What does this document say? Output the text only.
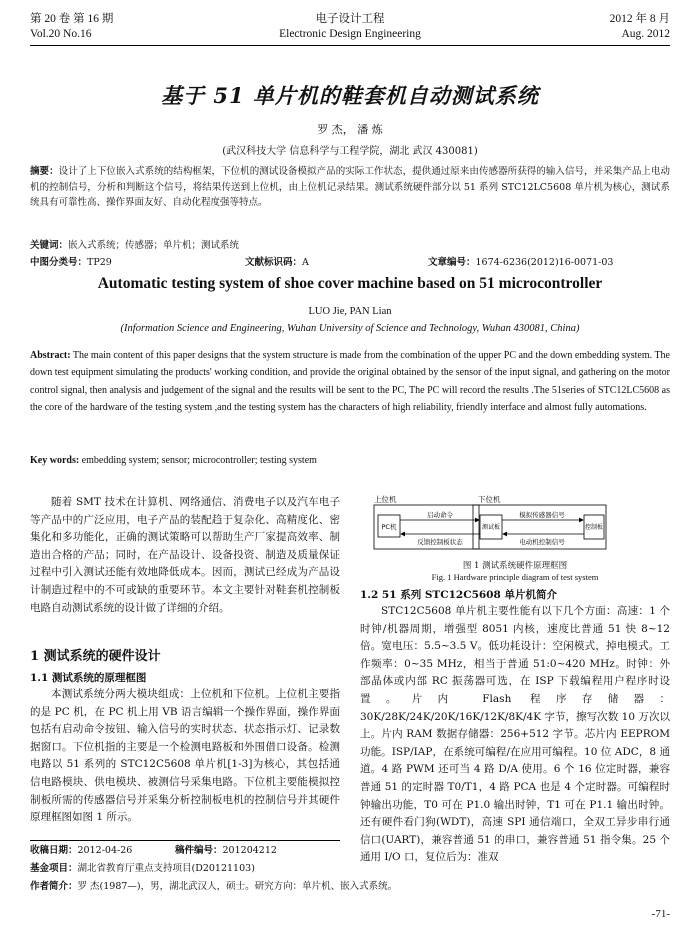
第 20 卷 第 16 期
Vol.20 No.16
电子设计工程
Electronic Design Engineering
2012 年 8 月
Aug. 2012
基于 51 单片机的鞋套机自动测试系统
罗 杰， 潘 炼
(武汉科技大学 信息科学与工程学院，湖北 武汉 430081)
摘要：设计了上下位嵌入式系统的结构框架，下位机的测试设备模拟产品的实际工作状态，提供通过原来由传感器所获得的输入信号，并采集产品上电动机的控制信号，分析和判断这个信号，将结果传送到上位机，由上位机记录结果。测试系统硬件部分以 51 系列 STC12LC5608 单片机为核心，测试系统具有可靠性高、操作界面友好、自动化程度强等特点。
关键词：嵌入式系统；传感器；单片机；测试系统
中图分类号：TP29	文献标识码：A	文章编号：1674-6236(2012)16-0071-03
Automatic testing system of shoe cover machine based on 51 microcontroller
LUO Jie, PAN Lian
(Information Science and Engineering, Wuhan University of Science and Technology, Wuhan 430081, China)
Abstract: The main content of this paper designs that the system structure is made from the combination of the upper PC and the down embedding system. The down test equipment simulating the products' working condition, and provide the original obtained by the sensor of the input signal, and gathering on the motor control signal, then analysis and judgement of the signal and the results will be sent to the PC, The PC will record the results .The 51series of STC12LC5608 as the core of the hardware of the testing system ,and the testing system has the characters of high reliability, friendly interface and almost fully automations.
Key words: embedding system; sensor; microcontroller; testing system
随着 SMT 技术在计算机、网络通信、消费电子以及汽车电子等产品中的广泛应用，电子产品的装配趋于复杂化、高精度化、密集化和多功能化，正确的测试策略可以帮助生产厂家提高效率、制造出合格的产品；同时，在产品设计、设备投资、制造及质量保证过程中引入测试还能有效地降低成本。因而，测试已经成为产品设计制造过程中的不可或缺的重要环节。本文主要针对鞋套机控制板电路自动测试系统的设计做了详细的介绍。
1 测试系统的硬件设计
1.1 测试系统的原理框图
本测试系统分两大模块组成：上位机和下位机。上位机主要指的是 PC 机，在 PC 机上用 VB 语言编辑一个操作界面，操作界面包括有启动命令按钮、输入信号的实时状态、状态指示灯、记录数据窗口。下位机指的主要是一个检测电路板和外围借口设备。检测电路以 51 系列的 STC12C5608 单片机[1-3]为核心，其包括通信电路模块、供电模块、被测信号采集电路。下位机主要能模拟控制板所需的传感器信号并采集分析控制板电机的控制信号并其硬件原理框图如图 1 所示。
收稿日期：2012-04-26	稿件编号：201204212
基金项目：湖北省教育厅重点支持项目(D20121103)
作者简介：罗 杰(1987—)，男，湖北武汉人，硕士。研究方向：单片机、嵌入式系统。
上位机	下位机
PC机	测试板	控制板
启动命令
反馈控制板状态
模拟传感器信号
电动机控制信号
图 1 测试系统硬件原理框图
Fig. 1 Hardware principle diagram of test system
1.2 51 系列 STC12C5608 单片机简介
STC12C5608 单片机主要性能有以下几个方面：高速：1 个时钟/机器周期，增强型 8051 内核，速度比普通 51 快 8~12 倍。宽电压：5.5~3.5 V。低功耗设计：空闲模式，掉电模式。工作频率：0~35 MHz，相当于普通 51:0~420 MHz。时钟：外部晶体或内部 RC 振荡器可选，在 ISP 下载编程用户程序时设置。片内 Flash 程序存储器：30K/28K/24K/20K/16K/12K/8K/4K 字节，擦写次数 10 万次以上。片内 RAM 数据存储器：256+512 字节。芯片内 EEPROM 功能。ISP/IAP，在系统可编程/在应用可编程。10 位 ADC，8 通道。4 路 PWM 还可当 4 路 D/A 使用。6 个 16 位定时器，兼容普通 51 的定时器 T0/T1，4 路 PCA 也是 4 个定时器。可编程时钟输出功能，T0 可在 P1.0 输出时钟，T1 可在 P1.1 输出时钟。还有硬件看门狗(WDT)，高速 SPI 通信端口，全双工异步串行通信口(UART)，兼容普通 51 的串口，兼容普通 51 指令集。25 个通用 I/O 口，复位后为：准双
-71-
